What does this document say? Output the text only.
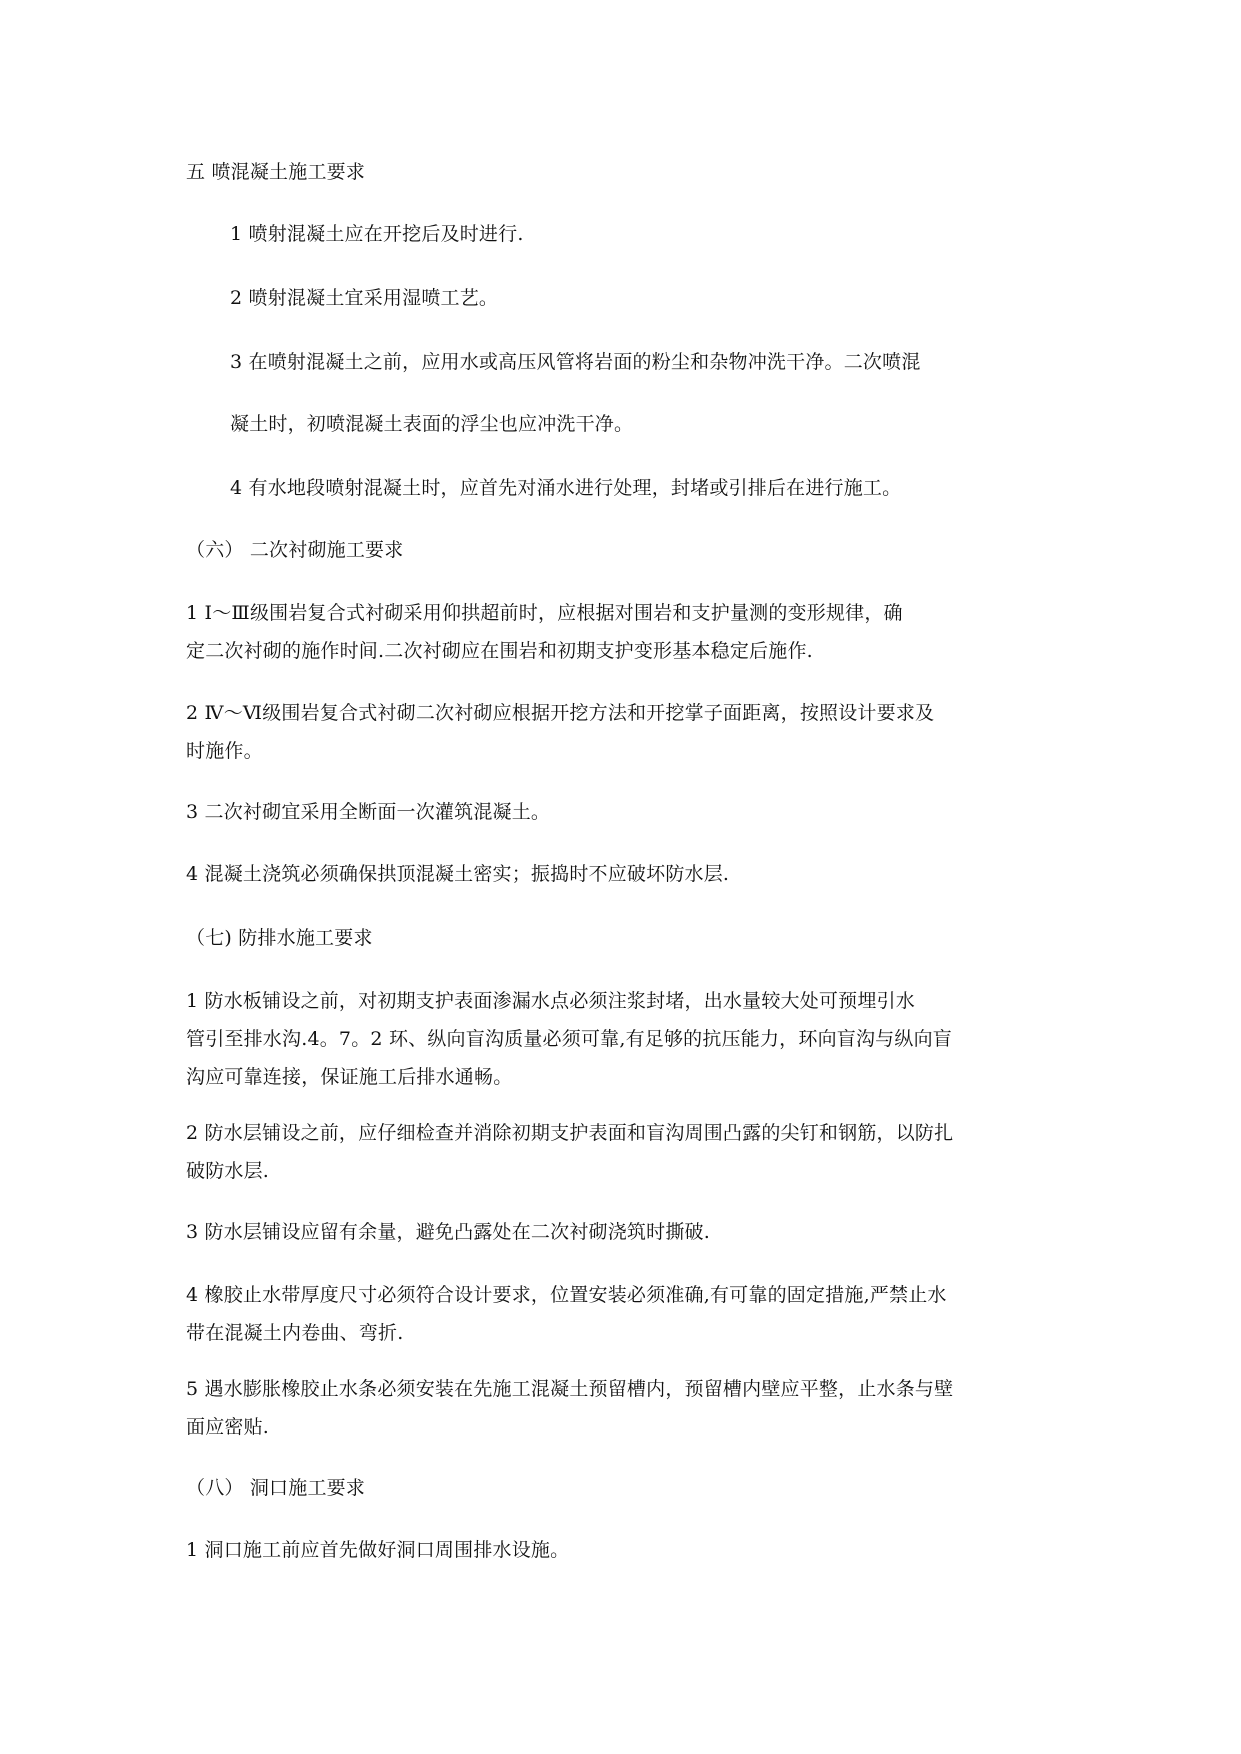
五 喷混凝土施工要求
1 喷射混凝土应在开挖后及时进行.
2 喷射混凝土宜采用湿喷工艺。
3 在喷射混凝土之前，应用水或高压风管将岩面的粉尘和杂物冲洗干净。二次喷混
凝土时，初喷混凝土表面的浮尘也应冲洗干净。
4 有水地段喷射混凝土时，应首先对涌水进行处理，封堵或引排后在进行施工。
（六） 二次衬砌施工要求
1 Ⅰ～Ⅲ级围岩复合式衬砌采用仰拱超前时，应根据对围岩和支护量测的变形规律，确
定二次衬砌的施作时间.二次衬砌应在围岩和初期支护变形基本稳定后施作.
2 Ⅳ～Ⅵ级围岩复合式衬砌二次衬砌应根据开挖方法和开挖掌子面距离，按照设计要求及
时施作。
3 二次衬砌宜采用全断面一次灌筑混凝土。
4 混凝土浇筑必须确保拱顶混凝土密实；振捣时不应破坏防水层.
（七) 防排水施工要求
1 防水板铺设之前，对初期支护表面渗漏水点必须注浆封堵，出水量较大处可预埋引水
管引至排水沟.4。7。2 环、纵向盲沟质量必须可靠,有足够的抗压能力，环向盲沟与纵向盲
沟应可靠连接，保证施工后排水通畅。
2 防水层铺设之前，应仔细检查并消除初期支护表面和盲沟周围凸露的尖钉和钢筋，以防扎
破防水层.
3 防水层铺设应留有余量，避免凸露处在二次衬砌浇筑时撕破.
4 橡胶止水带厚度尺寸必须符合设计要求，位置安装必须准确,有可靠的固定措施,严禁止水
带在混凝土内卷曲、弯折.
5 遇水膨胀橡胶止水条必须安装在先施工混凝土预留槽内，预留槽内壁应平整，止水条与壁
面应密贴.
（八） 洞口施工要求
1 洞口施工前应首先做好洞口周围排水设施。
